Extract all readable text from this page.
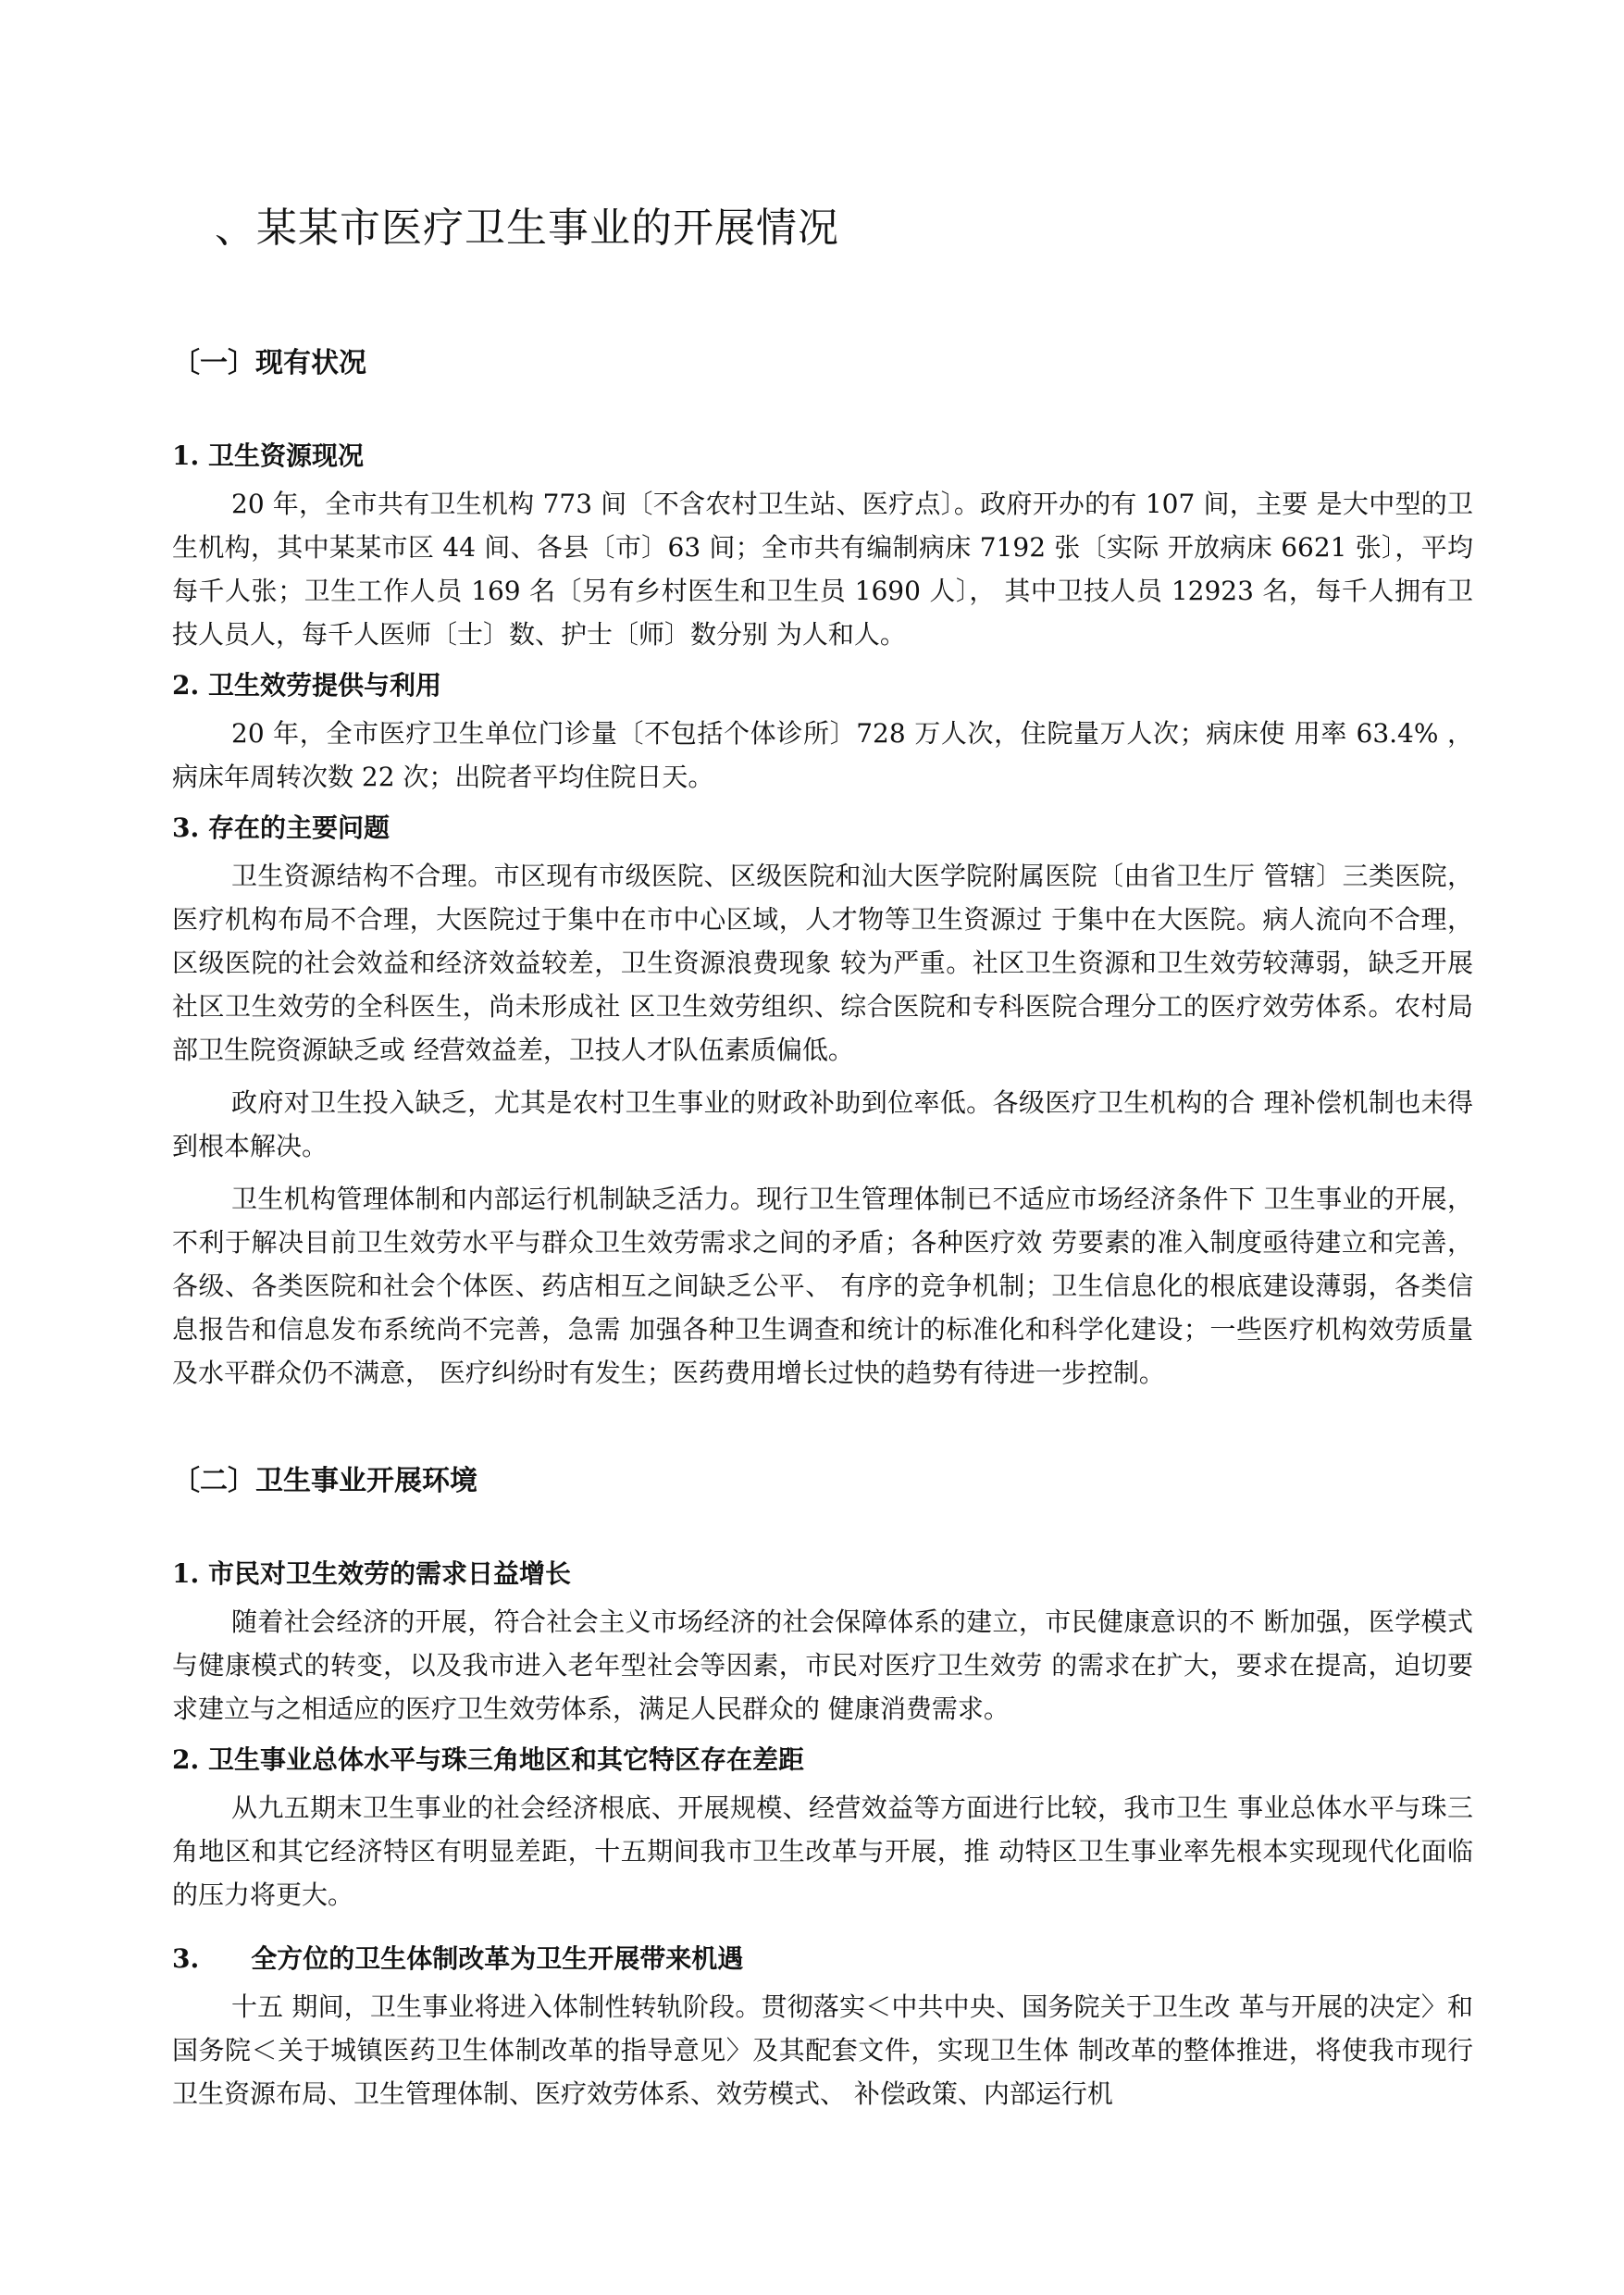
、某某市医疗卫生事业的开展情况
〔一〕现有状况
1. 卫生资源现况

20 年，全市共有卫生机构 773 间〔不含农村卫生站、医疗点〕。政府开办的有 107 间，主要 是大中型的卫生机构，其中某某市区 44 间、各县〔市〕63 间；全市共有编制病床 7192 张〔实际 开放病床 6621 张〕，平均每千人张；卫生工作人员 169 名〔另有乡村医生和卫生员 1690 人〕， 其中卫技人员 12923 名，每千人拥有卫技人员人，每千人医师〔士〕数、护士〔师〕数分别 为人和人。

2. 卫生效劳提供与利用

20 年，全市医疗卫生单位门诊量〔不包括个体诊所〕728 万人次，住院量万人次；病床使 用率 63.4% ，病床年周转次数 22 次；出院者平均住院日天。

3. 存在的主要问题

卫生资源结构不合理。市区现有市级医院、区级医院和汕大医学院附属医院〔由省卫生厅 管辖〕三类医院，医疗机构布局不合理，大医院过于集中在市中心区域，人才物等卫生资源过 于集中在大医院。病人流向不合理，区级医院的社会效益和经济效益较差，卫生资源浪费现象 较为严重。社区卫生资源和卫生效劳较薄弱，缺乏开展社区卫生效劳的全科医生，尚未形成社 区卫生效劳组织、综合医院和专科医院合理分工的医疗效劳体系。农村局部卫生院资源缺乏或 经营效益差，卫技人才队伍素质偏低。

政府对卫生投入缺乏，尤其是农村卫生事业的财政补助到位率低。各级医疗卫生机构的合 理补偿机制也未得到根本解决。

卫生机构管理体制和内部运行机制缺乏活力。现行卫生管理体制已不适应市场经济条件下 卫生事业的开展，不利于解决目前卫生效劳水平与群众卫生效劳需求之间的矛盾；各种医疗效 劳要素的准入制度亟待建立和完善，各级、各类医院和社会个体医、药店相互之间缺乏公平、 有序的竞争机制；卫生信息化的根底建设薄弱，各类信息报告和信息发布系统尚不完善，急需 加强各种卫生调查和统计的标准化和科学化建设；一些医疗机构效劳质量及水平群众仍不满意， 医疗纠纷时有发生；医药费用增长过快的趋势有待进一步控制。

〔二〕卫生事业开展环境
1. 市民对卫生效劳的需求日益增长

随着社会经济的开展，符合社会主义市场经济的社会保障体系的建立，市民健康意识的不 断加强，医学模式与健康模式的转变，以及我市进入老年型社会等因素，市民对医疗卫生效劳 的需求在扩大，要求在提高，迫切要求建立与之相适应的医疗卫生效劳体系，满足人民群众的 健康消费需求。

2. 卫生事业总体水平与珠三角地区和其它特区存在差距

从九五期末卫生事业的社会经济根底、开展规模、经营效益等方面进行比较，我市卫生 事业总体水平与珠三角地区和其它经济特区有明显差距，十五期间我市卫生改革与开展，推 动特区卫生事业率先根本实现现代化面临的压力将更大。

3.　　全方位的卫生体制改革为卫生开展带来机遇

十五 期间，卫生事业将进入体制性转轨阶段。贯彻落实＜中共中央、国务院关于卫生改 革与开展的决定〉和国务院＜关于城镇医药卫生体制改革的指导意见〉及其配套文件，实现卫生体 制改革的整体推进，将使我市现行卫生资源布局、卫生管理体制、医疗效劳体系、效劳模式、 补偿政策、内部运行机
